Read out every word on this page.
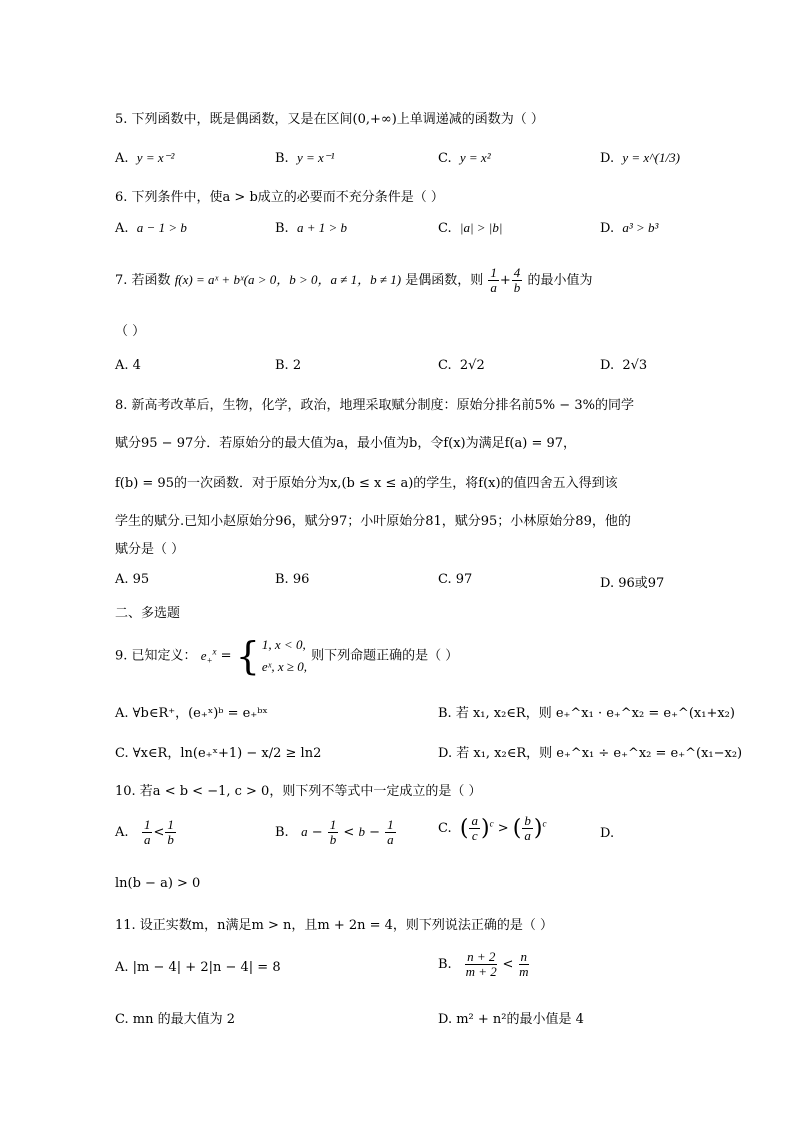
5. 下列函数中，既是偶函数，又是在区间(0,+∞)上单调递减的函数为（ ）
A. y = x⁻²	B. y = x⁻¹	C. y = x²	D. y = x^(1/3)
6. 下列条件中，使a > b成立的必要而不充分条件是（ ）
A. a − 1 > b	B. a + 1 > b	C. |a| > |b|	D. a³ > b³
7. 若函数 f(x) = aˣ + bˣ(a > 0，b > 0，a ≠ 1，b ≠ 1) 是偶函数，则 $\frac{1}{a} + \frac{4}{b}$ 的最小值为
（ ）
A. 4	B. 2	C. 2√2	D. 2√3
8. 新高考改革后，生物，化学，政治，地理采取赋分制度：原始分排名前5% − 3%的同学
赋分95 − 97分．若原始分的最大值为a，最小值为b，令f(x)为满足f(a) = 97，
f(b) = 95的一次函数．对于原始分为x,(b ≤ x ≤ a)的学生，将f(x)的值四舍五入得到该
学生的赋分.已知小赵原始分96，赋分97；小叶原始分81，赋分95；小林原始分89，他的
赋分是（ ）
A. 95	B. 96	C. 97	D. 96或97
二、多选题
9. 已知定义： $e_+^x$ = { 1, x < 0,
eˣ, x ≥ 0,
则下列命题正确的是（ ）
A. ∀b∈R⁺，(e₊ˣ)ᵇ = e₊ᵇˣ	B. 若 x₁, x₂∈R，则 e₊^x₁ · e₊^x₂ = e₊^(x₁+x₂)
C. ∀x∈R，ln(e₊ˣ+1) − x/2 ≥ ln2	D. 若 x₁, x₂∈R，则 e₊^x₁ ÷ e₊^x₂ = e₊^(x₁−x₂)
10. 若a < b < −1, c > 0，则下列不等式中一定成立的是（ ）
A. $\frac{1}{a} < \frac{1}{b}$	B. $a - \frac{1}{b} < b - \frac{1}{a}$	C. ( $\frac{a}{c} )^c$ > ( $\frac{b}{a} )^c$
D.
ln(b − a) > 0
11. 设正实数m，n满足m > n，且m + 2n = 4，则下列说法正确的是（ ）
A. |m − 4| + 2|n − 4| = 8	B. $\frac{n + 2}{m + 2} < \frac{n}{m}$
C. mn 的最大值为 2	D. m² + n²的最小值是 4
